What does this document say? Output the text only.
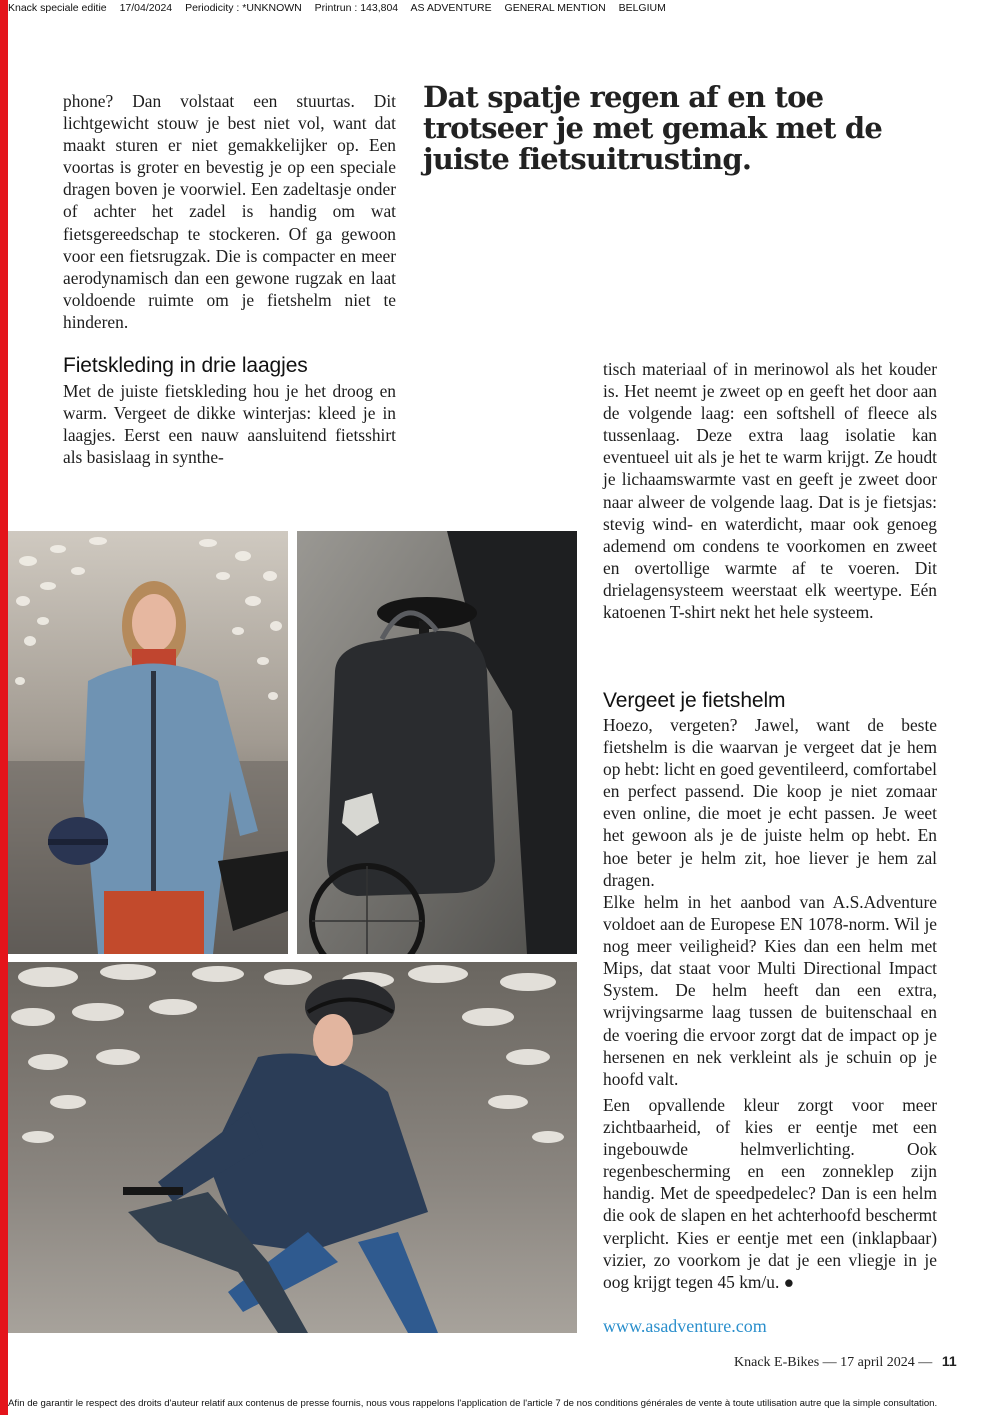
Knack speciale editie 17/04/2024 Periodicity : *UNKNOWN Printrun : 143,804 AS ADVENTURE GENERAL MENTION BELGIUM

phone? Dan volstaat een stuurtas. Dit lichtgewicht stouw je best niet vol, want dat maakt sturen er niet gemakkelijker op. Een voortas is groter en bevestig je op een speciale dragen boven je voorwiel. Een zadeltasje onder of achter het zadel is handig om wat fietsgereedschap te stockeren. Of ga gewoon voor een fietsrugzak. Die is compacter en meer aerodynamisch dan een gewone rugzak en laat voldoende ruimte om je fietshelm niet te hinderen.

Dat spatje regen af en toe trotseer je met gemak met de juiste fietsuitrusting.
Fietskleding in drie laagjes

Met de juiste fietskleding hou je het droog en warm. Vergeet de dikke winterjas: kleed je in laagjes. Eerst een nauw aansluitend fietsshirt als basislaag in synthe-

tisch materiaal of in merinowol als het kouder is. Het neemt je zweet op en geeft het door aan de volgende laag: een softshell of fleece als tussenlaag. Deze extra laag isolatie kan eventueel uit als je het te warm krijgt. Ze houdt je lichaamswarmte vast en geeft je zweet door naar alweer de volgende laag. Dat is je fietsjas: stevig wind- en waterdicht, maar ook genoeg ademend om condens te voorkomen en zweet en overtollige warmte af te voeren. Dit drielagensysteem weerstaat elk weertype. Eén katoenen T-shirt nekt het hele systeem.

Vergeet je fietshelm

Hoezo, vergeten? Jawel, want de beste fietshelm is die waarvan je vergeet dat je hem op hebt: licht en goed geventileerd, comfortabel en perfect passend. Die koop je niet zomaar even online, die moet je echt passen. Je weet het gewoon als je de juiste helm op hebt. En hoe beter je helm zit, hoe liever je hem zal dragen.

Elke helm in het aanbod van A.S.Adventure voldoet aan de Europese EN 1078-norm. Wil je nog meer veiligheid? Kies dan een helm met Mips, dat staat voor Multi Directional Impact System. De helm heeft dan een extra, wrijvingsarme laag tussen de buitenschaal en de voering die ervoor zorgt dat de impact op je hersenen en nek verkleint als je schuin op je hoofd valt.

Een opvallende kleur zorgt voor meer zichtbaarheid, of kies er eentje met een ingebouwde helmverlichting. Ook regenbescherming en een zonneklep zijn handig. Met de speedpedelec? Dan is een helm die ook de slapen en het achterhoofd beschermt verplicht. Kies er eentje met een (inklapbaar) vizier, zo voorkom je dat je een vliegje in je oog krijgt tegen 45 km/u. ●

www.asadventure.com
Knack E-Bikes — 17 april 2024 — 11
Afin de garantir le respect des droits d'auteur relatif aux contenus de presse fournis, nous vous rappelons l'application de l'article 7 de nos conditions générales de vente à toute utilisation autre que la simple consultation.
